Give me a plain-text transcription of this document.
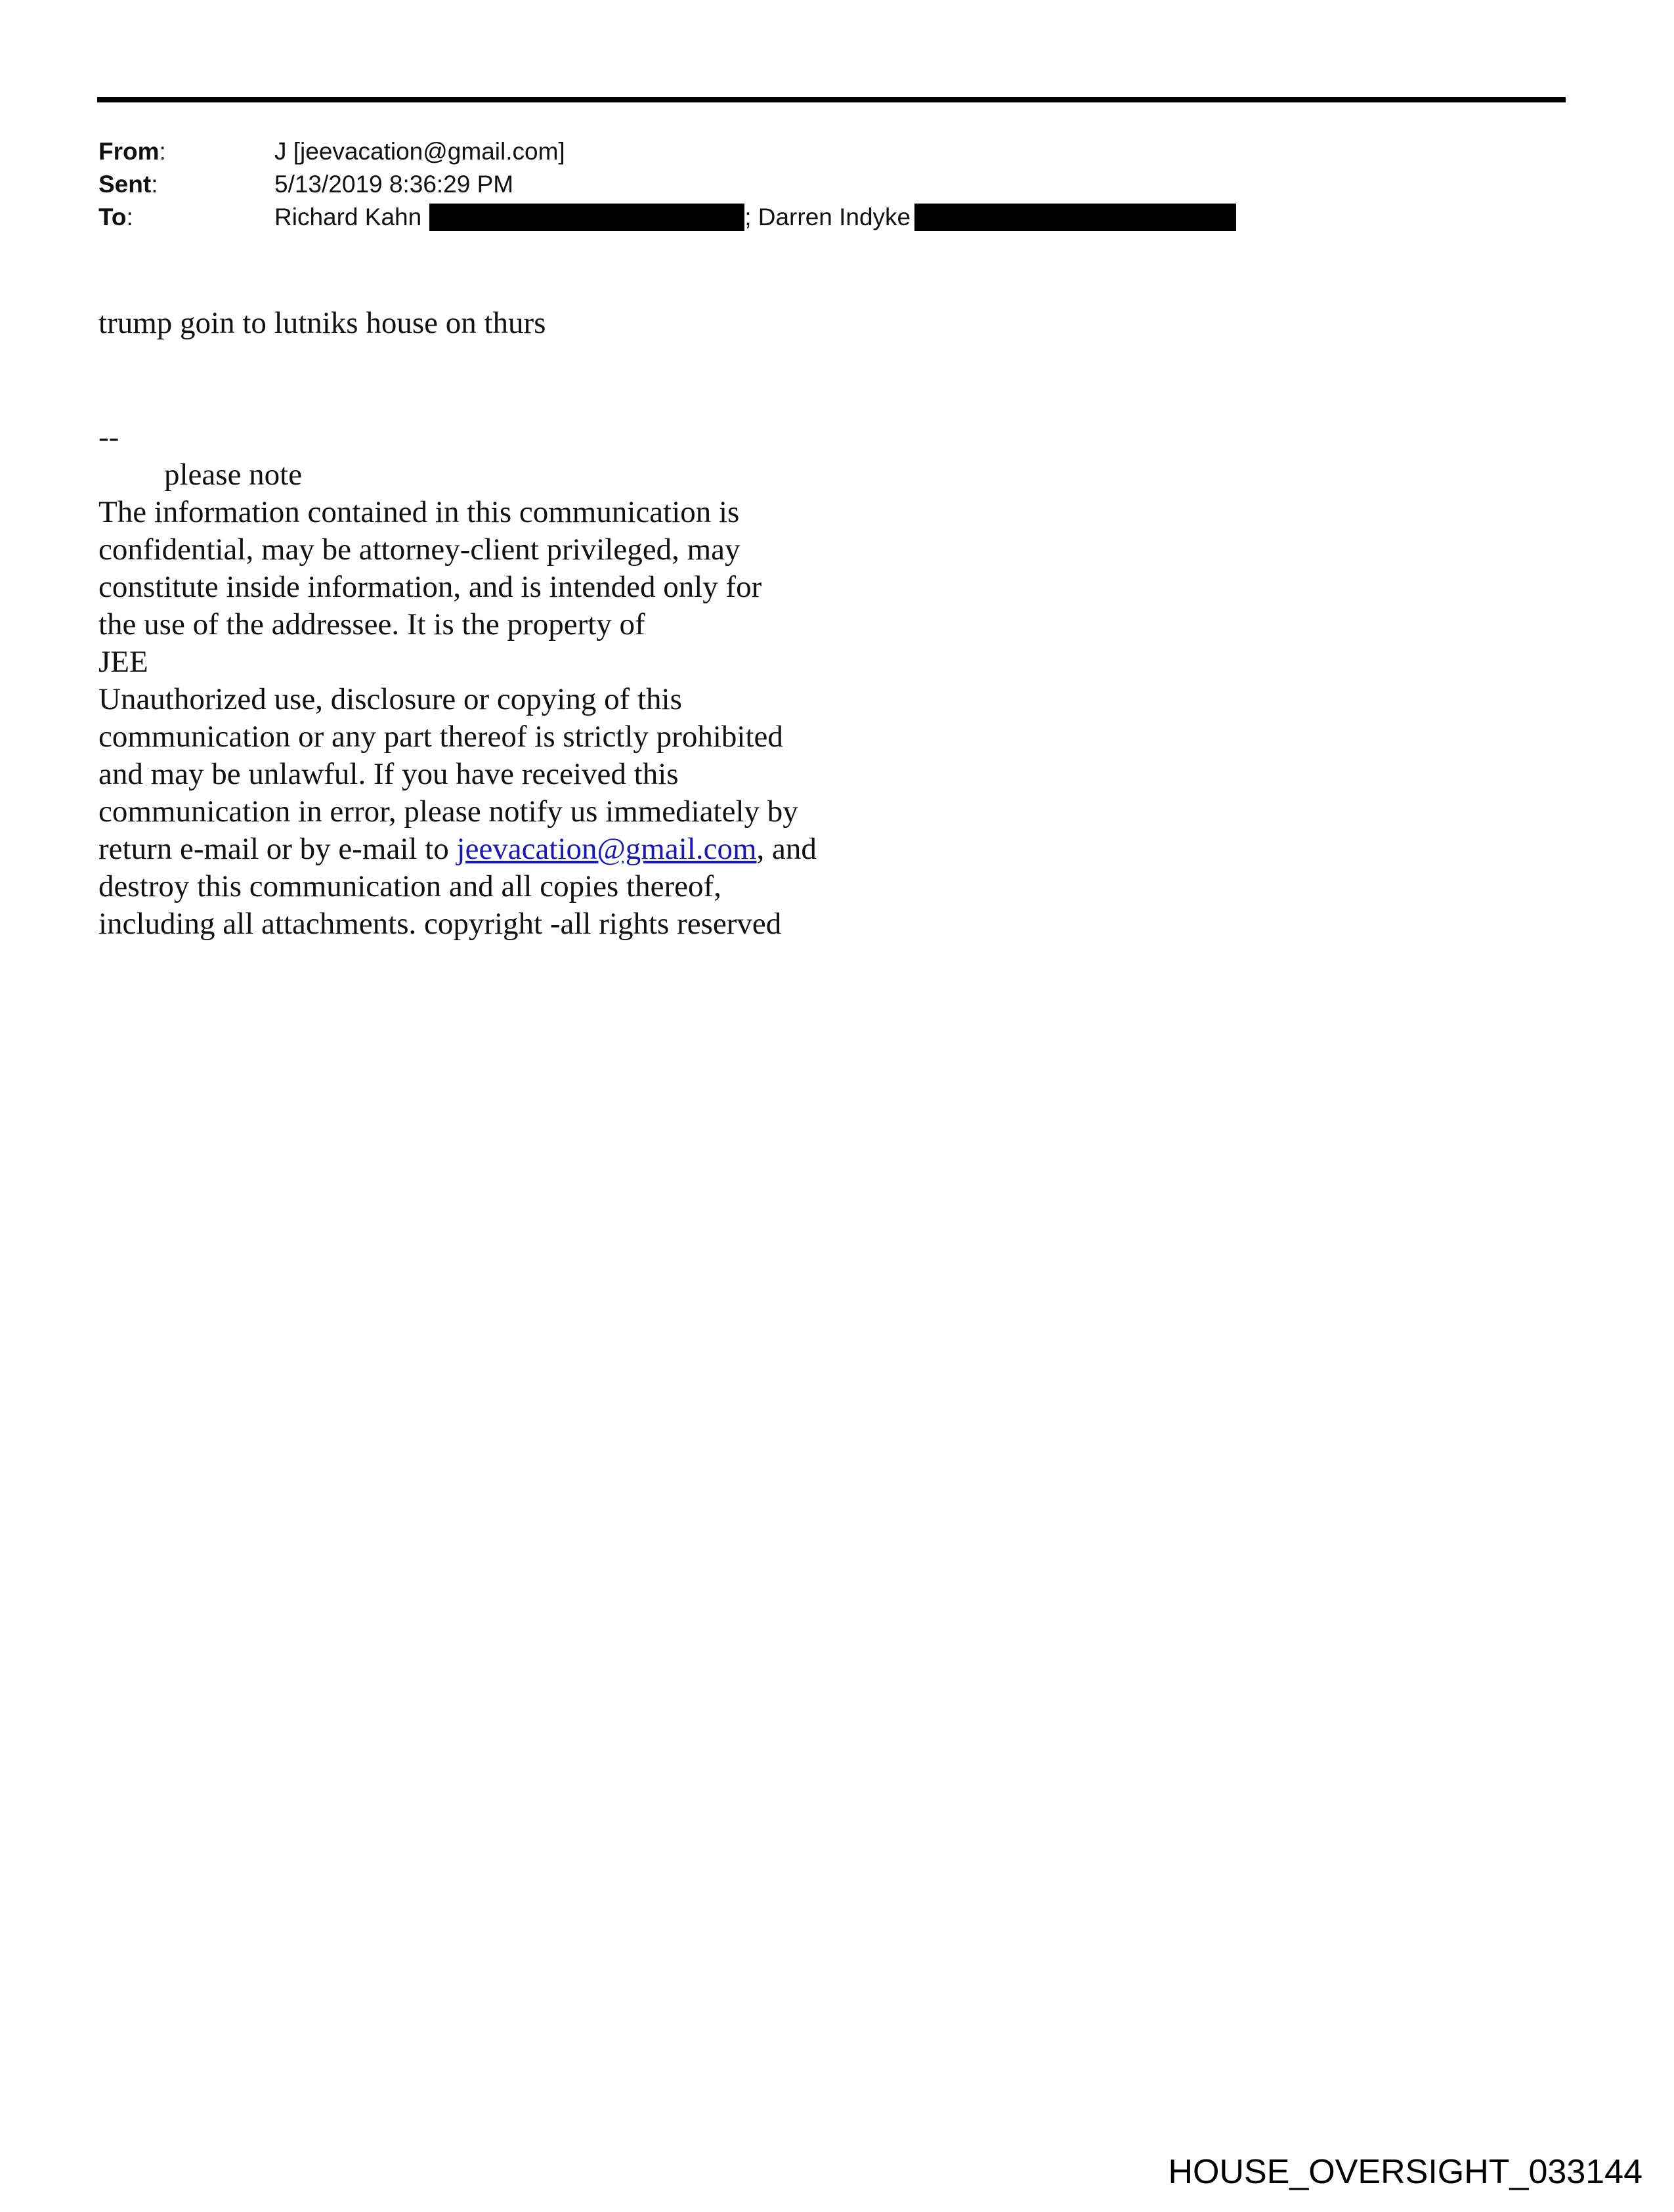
From:	J [jeevacation@gmail.com]
Sent:	5/13/2019 8:36:29 PM
To:	Richard Kahn	; Darren Indyke
trump goin to lutniks house on thurs
--
please note
The information contained in this communication is
confidential, may be attorney-client privileged, may
constitute inside information, and is intended only for
the use of the addressee. It is the property of
JEE
Unauthorized use, disclosure or copying of this
communication or any part thereof is strictly prohibited
and may be unlawful. If you have received this
communication in error, please notify us immediately by
return e-mail or by e-mail to jeevacation@gmail.com, and
destroy this communication and all copies thereof,
including all attachments. copyright -all rights reserved
HOUSE_OVERSIGHT_033144
